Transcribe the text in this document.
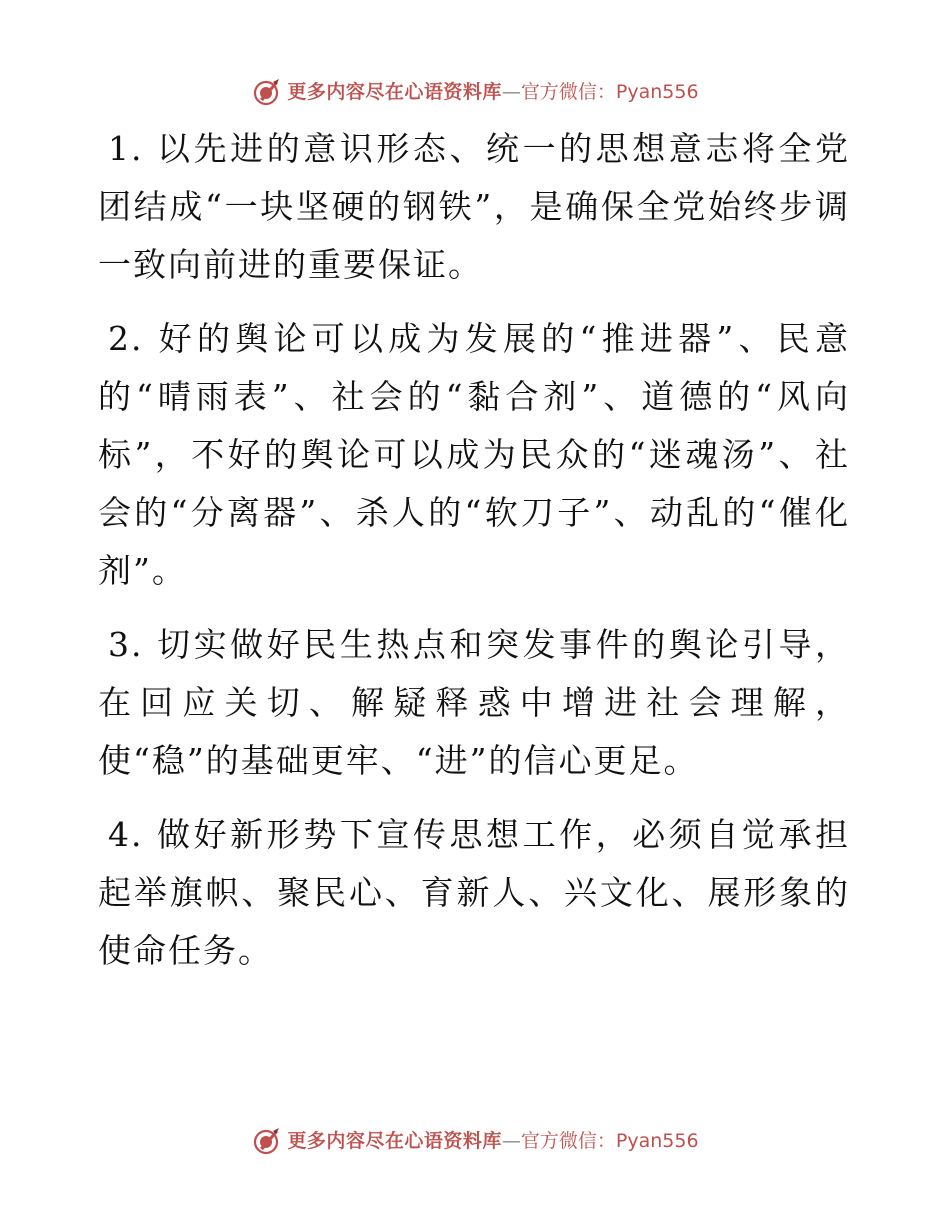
更多内容尽在心语资料库—官方微信：Pyan556

1. 以先进的意识形态、统一的思想意志将全党团结成“一块坚硬的钢铁”，是确保全党始终步调一致向前进的重要保证。

2. 好的舆论可以成为发展的“推进器”、民意的“晴雨表”、社会的“黏合剂”、道德的“风向标”，不好的舆论可以成为民众的“迷魂汤”、社会的“分离器”、杀人的“软刀子”、动乱的“催化剂”。

3. 切实做好民生热点和突发事件的舆论引导，在回应关切、解疑释惑中增进社会理解，使“稳”的基础更牢、“进”的信心更足。

4. 做好新形势下宣传思想工作，必须自觉承担起举旗帜、聚民心、育新人、兴文化、展形象的使命任务。

更多内容尽在心语资料库—官方微信：Pyan556
